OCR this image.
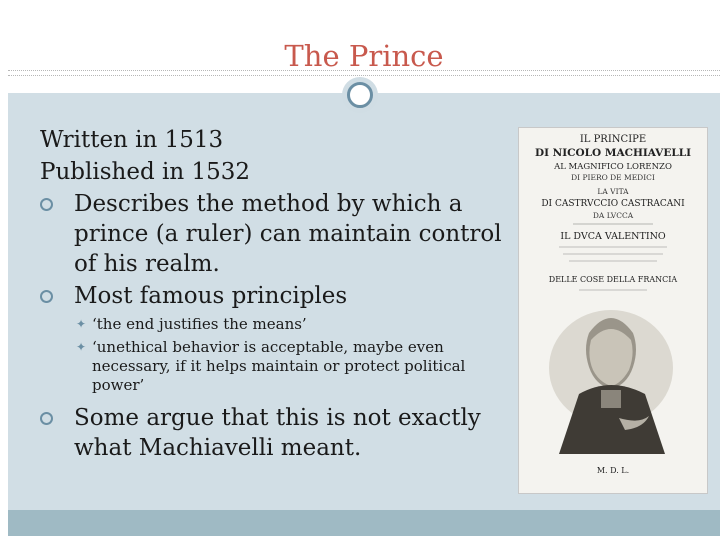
The Prince
Written in 1513
Published in 1532
Describes the method by which a prince (a ruler) can maintain control of his realm.
Most famous principles
✦ ‘the end justifies the means’
✦ ‘unethical behavior is acceptable, maybe even necessary, if it helps maintain or protect political power’
Some argue that this is not exactly what Machiavelli meant.
IL PRINCIPE
DI NICOLO MACHIAVELLI
AL MAGNIFICO LORENZO
DI PIERO DE MEDICI
LA VITA
DI CASTRVCCIO CASTRACANI
DA LVCCA
IL DVCA VALENTINO
DELLE COSE DELLA FRANCIA
M. D. L.
